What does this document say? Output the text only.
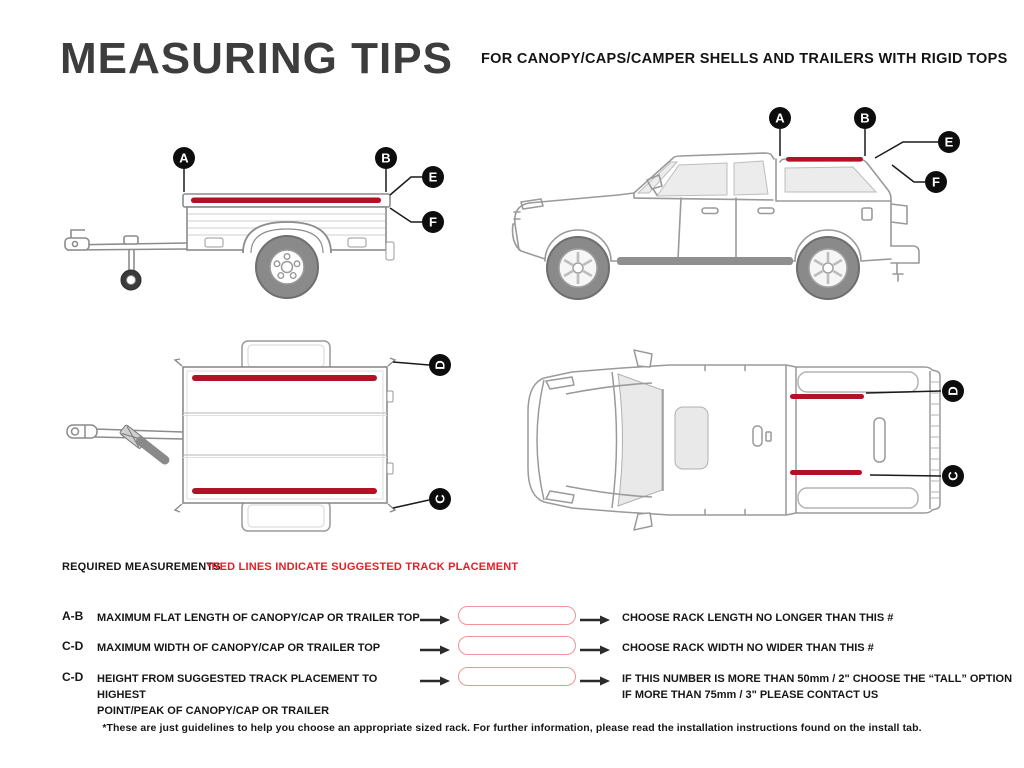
MEASURING TIPS FOR CANOPY/CAPS/CAMPER SHELLS AND TRAILERS WITH RIGID TOPS
A	B
E
F
A	B
E
F
D
C
D
C
REQUIRED MEASUREMENTS
*RED LINES INDICATE SUGGESTED TRACK PLACEMENT
A-B MAXIMUM FLAT LENGTH OF CANOPY/CAP OR TRAILER TOP	CHOOSE RACK LENGTH NO LONGER THAN THIS #
C-D MAXIMUM WIDTH OF CANOPY/CAP OR TRAILER TOP	CHOOSE RACK WIDTH NO WIDER THAN THIS #
C-D HEIGHT FROM SUGGESTED TRACK PLACEMENT TO HIGHEST
POINT/PEAK OF CANOPY/CAP OR TRAILER
IF THIS NUMBER IS MORE THAN 50mm / 2" CHOOSE THE “TALL” OPTION
IF MORE THAN 75mm / 3" PLEASE CONTACT US
*These are just guidelines to help you choose an appropriate sized rack. For further information, please read the installation instructions found on the install tab.
